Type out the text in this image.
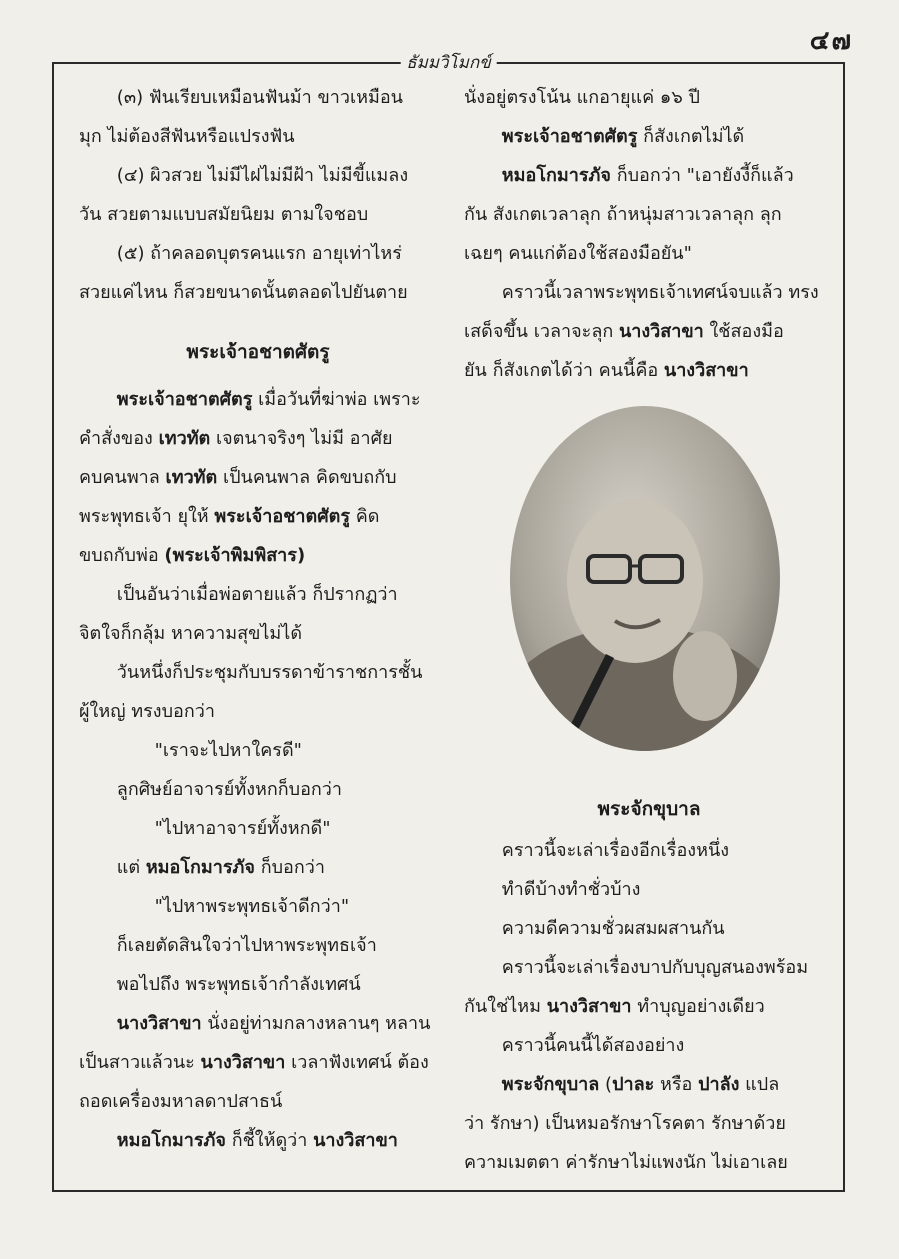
๔๗
ธัมมวิโมกข์

(๓) ฟันเรียบเหมือนฟันม้า ขาวเหมือน

มุก ไม่ต้องสีฟันหรือแปรงฟัน

(๔) ผิวสวย ไม่มีไฝไม่มีฝ้า ไม่มีขี้แมลง

วัน สวยตามแบบสมัยนิยม ตามใจชอบ

(๕) ถ้าคลอดบุตรคนแรก อายุเท่าไหร่

สวยแค่ไหน ก็สวยขนาดนั้นตลอดไปยันตาย

พระเจ้าอชาตศัตรู

พระเจ้าอชาตศัตรู เมื่อวันที่ฆ่าพ่อ เพราะ

คำสั่งของ เทวทัต เจตนาจริงๆ ไม่มี อาศัย

คบคนพาล เทวทัต เป็นคนพาล คิดขบถกับ

พระพุทธเจ้า ยุให้ พระเจ้าอชาตศัตรู คิด

ขบถกับพ่อ (พระเจ้าพิมพิสาร)

เป็นอันว่าเมื่อพ่อตายแล้ว ก็ปรากฏว่า

จิตใจก็กลุ้ม หาความสุขไม่ได้

วันหนึ่งก็ประชุมกับบรรดาข้าราชการชั้น

ผู้ใหญ่ ทรงบอกว่า

"เราจะไปหาใครดี"

ลูกศิษย์อาจารย์ทั้งหกก็บอกว่า

"ไปหาอาจารย์ทั้งหกดี"

แต่ หมอโกมารภัจ ก็บอกว่า

"ไปหาพระพุทธเจ้าดีกว่า"

ก็เลยตัดสินใจว่าไปหาพระพุทธเจ้า

พอไปถึง พระพุทธเจ้ากำลังเทศน์

นางวิสาขา นั่งอยู่ท่ามกลางหลานๆ หลาน

เป็นสาวแล้วนะ นางวิสาขา เวลาฟังเทศน์ ต้อง

ถอดเครื่องมหาลดาปสาธน์

หมอโกมารภัจ ก็ชี้ให้ดูว่า นางวิสาขา

นั่งอยู่ตรงโน้น แกอายุแค่ ๑๖ ปี

พระเจ้าอชาตศัตรู ก็สังเกตไม่ได้

หมอโกมารภัจ ก็บอกว่า "เอายังงี้ก็แล้ว

กัน สังเกตเวลาลุก ถ้าหนุ่มสาวเวลาลุก ลุก

เฉยๆ คนแก่ต้องใช้สองมือยัน"

คราวนี้เวลาพระพุทธเจ้าเทศน์จบแล้ว ทรง

เสด็จขึ้น เวลาจะลุก นางวิสาขา ใช้สองมือ

ยัน ก็สังเกตได้ว่า คนนี้คือ นางวิสาขา

พระจักขุบาล

คราวนี้จะเล่าเรื่องอีกเรื่องหนึ่ง

ทำดีบ้างทำชั่วบ้าง

ความดีความชั่วผสมผสานกัน

คราวนี้จะเล่าเรื่องบาปกับบุญสนองพร้อม

กันใช่ไหม นางวิสาขา ทำบุญอย่างเดียว

คราวนี้คนนี้ได้สองอย่าง

พระจักขุบาล (ปาละ หรือ ปาลัง แปล

ว่า รักษา) เป็นหมอรักษาโรคตา รักษาด้วย

ความเมตตา ค่ารักษาไม่แพงนัก ไม่เอาเลย
